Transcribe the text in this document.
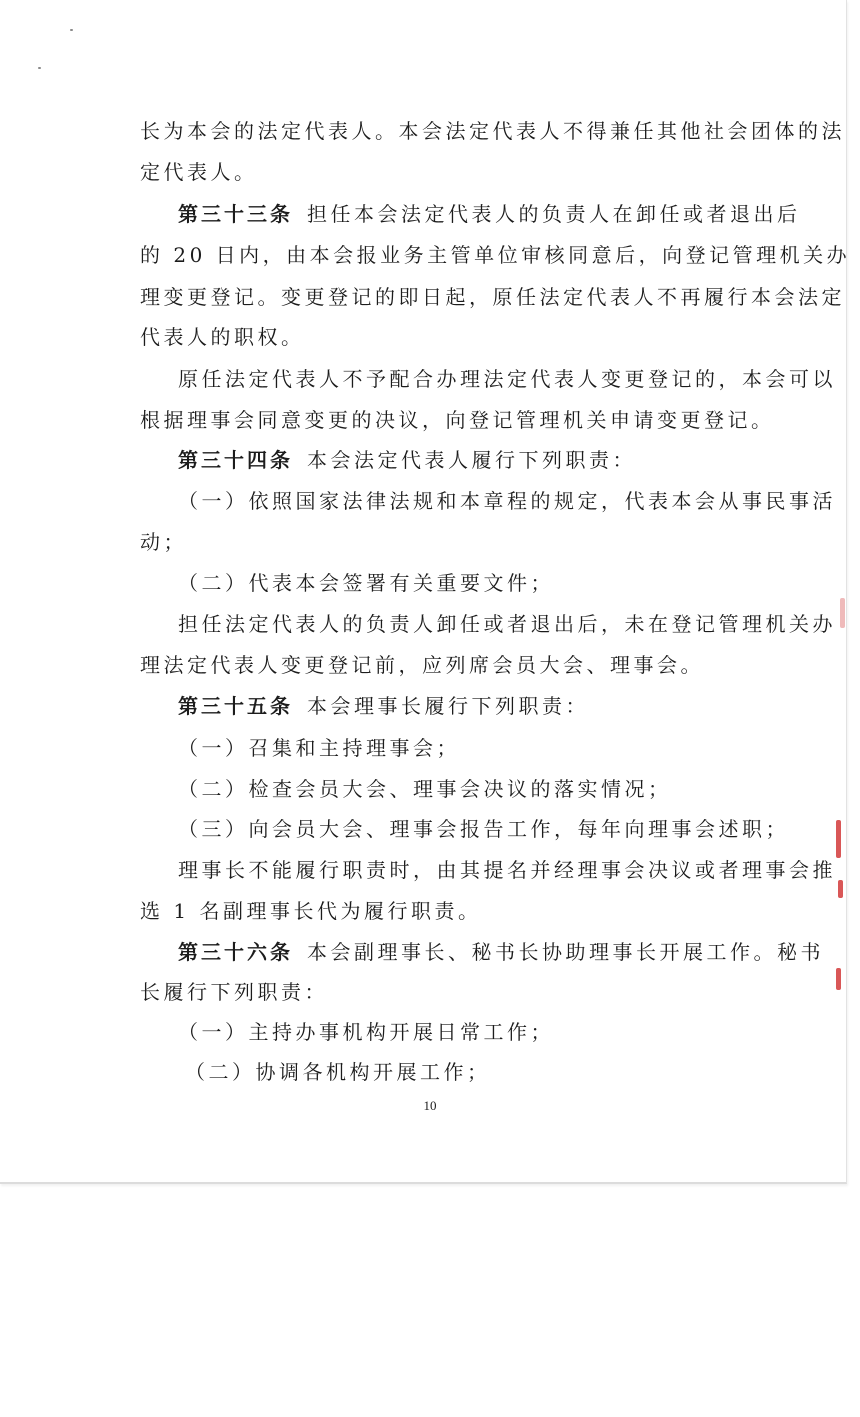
长为本会的法定代表人。本会法定代表人不得兼任其他社会团体的法
定代表人。
第三十三条 担任本会法定代表人的负责人在卸任或者退出后
的 20 日内，由本会报业务主管单位审核同意后，向登记管理机关办
理变更登记。变更登记的即日起，原任法定代表人不再履行本会法定
代表人的职权。
原任法定代表人不予配合办理法定代表人变更登记的，本会可以
根据理事会同意变更的决议，向登记管理机关申请变更登记。
第三十四条 本会法定代表人履行下列职责：
（一）依照国家法律法规和本章程的规定，代表本会从事民事活
动；
（二）代表本会签署有关重要文件；
担任法定代表人的负责人卸任或者退出后，未在登记管理机关办
理法定代表人变更登记前，应列席会员大会、理事会。
第三十五条 本会理事长履行下列职责：
（一）召集和主持理事会；
（二）检查会员大会、理事会决议的落实情况；
（三）向会员大会、理事会报告工作，每年向理事会述职；
理事长不能履行职责时，由其提名并经理事会决议或者理事会推
选 1 名副理事长代为履行职责。
第三十六条 本会副理事长、秘书长协助理事长开展工作。秘书
长履行下列职责：
（一）主持办事机构开展日常工作；
（二）协调各机构开展工作；
10
